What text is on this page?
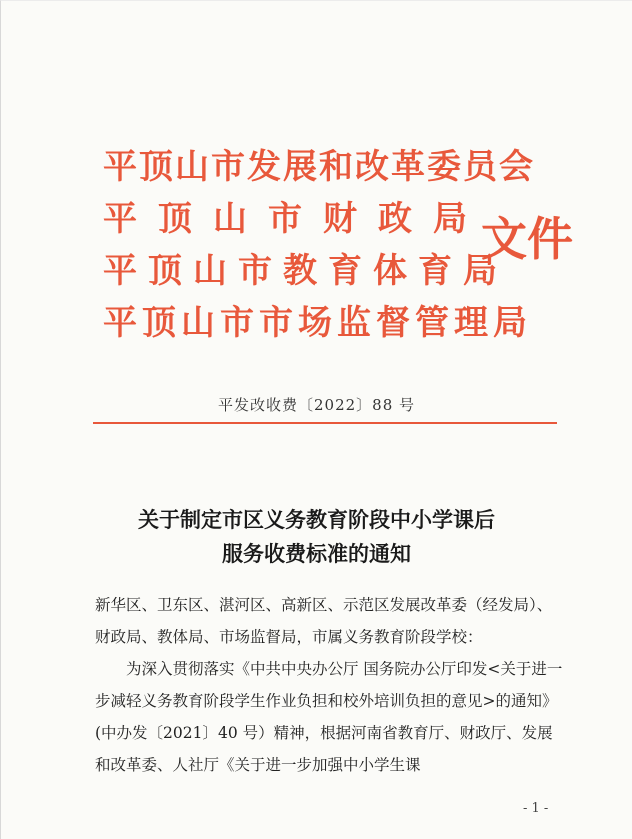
平顶山市发展和改革委员会
平顶山市财政局
平顶山市教育体育局
平顶山市市场监督管理局
文件
平发改收费〔2022〕88 号
关于制定市区义务教育阶段中小学课后
服务收费标准的通知

新华区、卫东区、湛河区、高新区、示范区发展改革委（经发局）、财政局、教体局、市场监督局，市属义务教育阶段学校：

为深入贯彻落实《中共中央办公厅 国务院办公厅印发<关于进一步减轻义务教育阶段学生作业负担和校外培训负担的意见>的通知》(中办发〔2021〕40 号）精神，根据河南省教育厅、财政厅、发展和改革委、人社厅《关于进一步加强中小学生课

- 1 -
